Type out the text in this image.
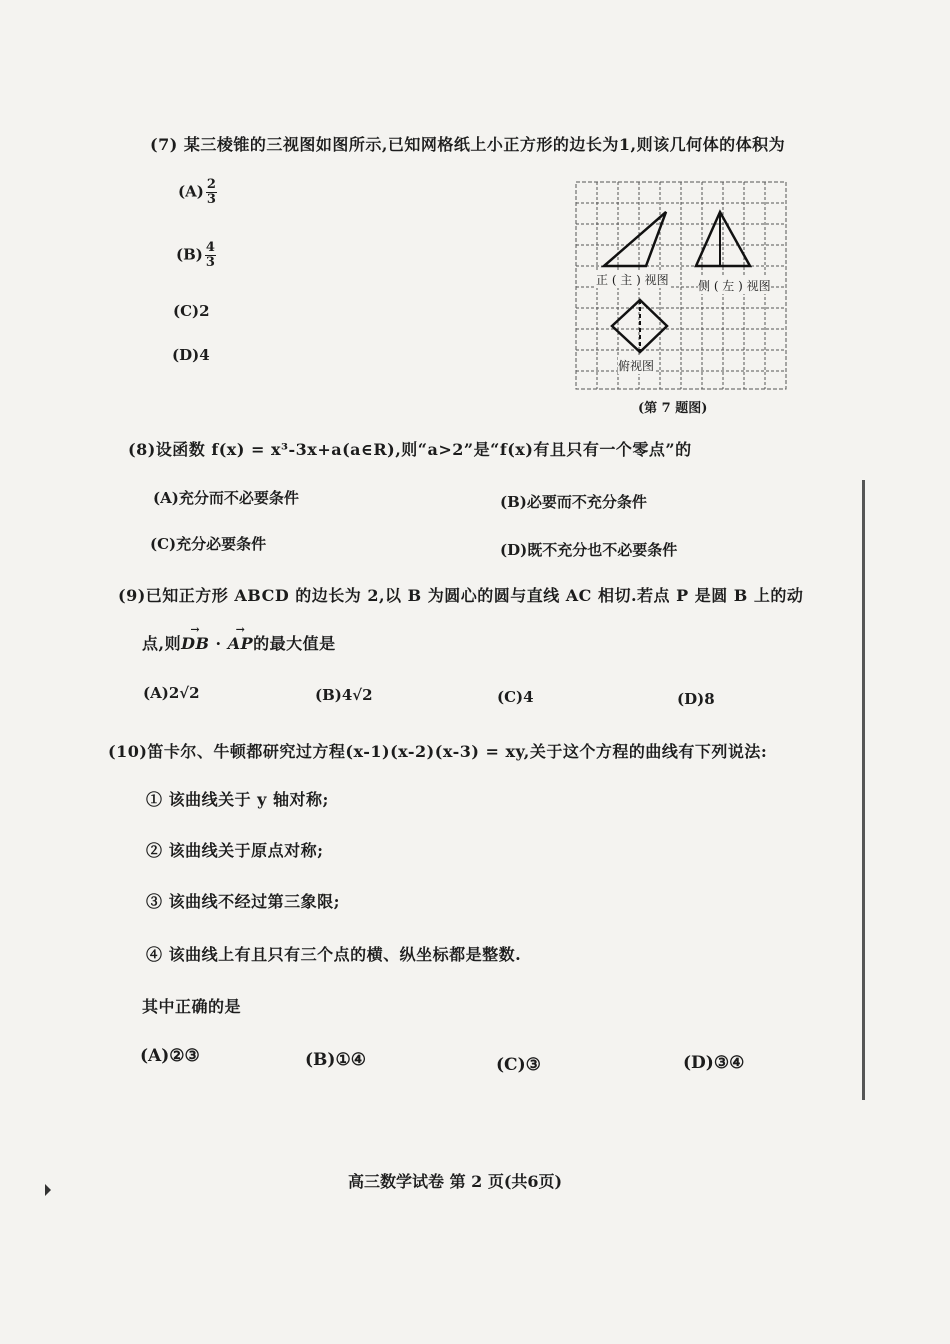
(7) 某三棱锥的三视图如图所示,已知网格纸上小正方形的边长为1,则该几何体的体积为
$(A) \frac{2}{3}$
$(B) \frac{4}{3}$
(C)2
(D)4
正 ( 主 ) 视图 侧 ( 左 ) 视图
俯视图
(第 7 题图)
(8)设函数 f(x) = x³-3x+a(a∈R),则“a>2”是“f(x)有且只有一个零点”的
(A)充分而不必要条件	(B)必要而不充分条件
(C)充分必要条件	(D)既不充分也不必要条件
(9)已知正方形 ABCD 的边长为 2,以 B 为圆心的圆与直线 AC 相切.若点 P 是圆 B 上的动
点,则→ DB · → AP的最大值是
(A)2√2	(B)4√2	(C)4	(D)8
(10)笛卡尔、牛顿都研究过方程(x-1)(x-2)(x-3) = xy,关于这个方程的曲线有下列说法:
① 该曲线关于 y 轴对称;
② 该曲线关于原点对称;
③ 该曲线不经过第三象限;
④ 该曲线上有且只有三个点的横、纵坐标都是整数.
其中正确的是
(A)②③	(B)①④	(C)③	(D)③④
高三数学试卷 第 2 页(共6页)
